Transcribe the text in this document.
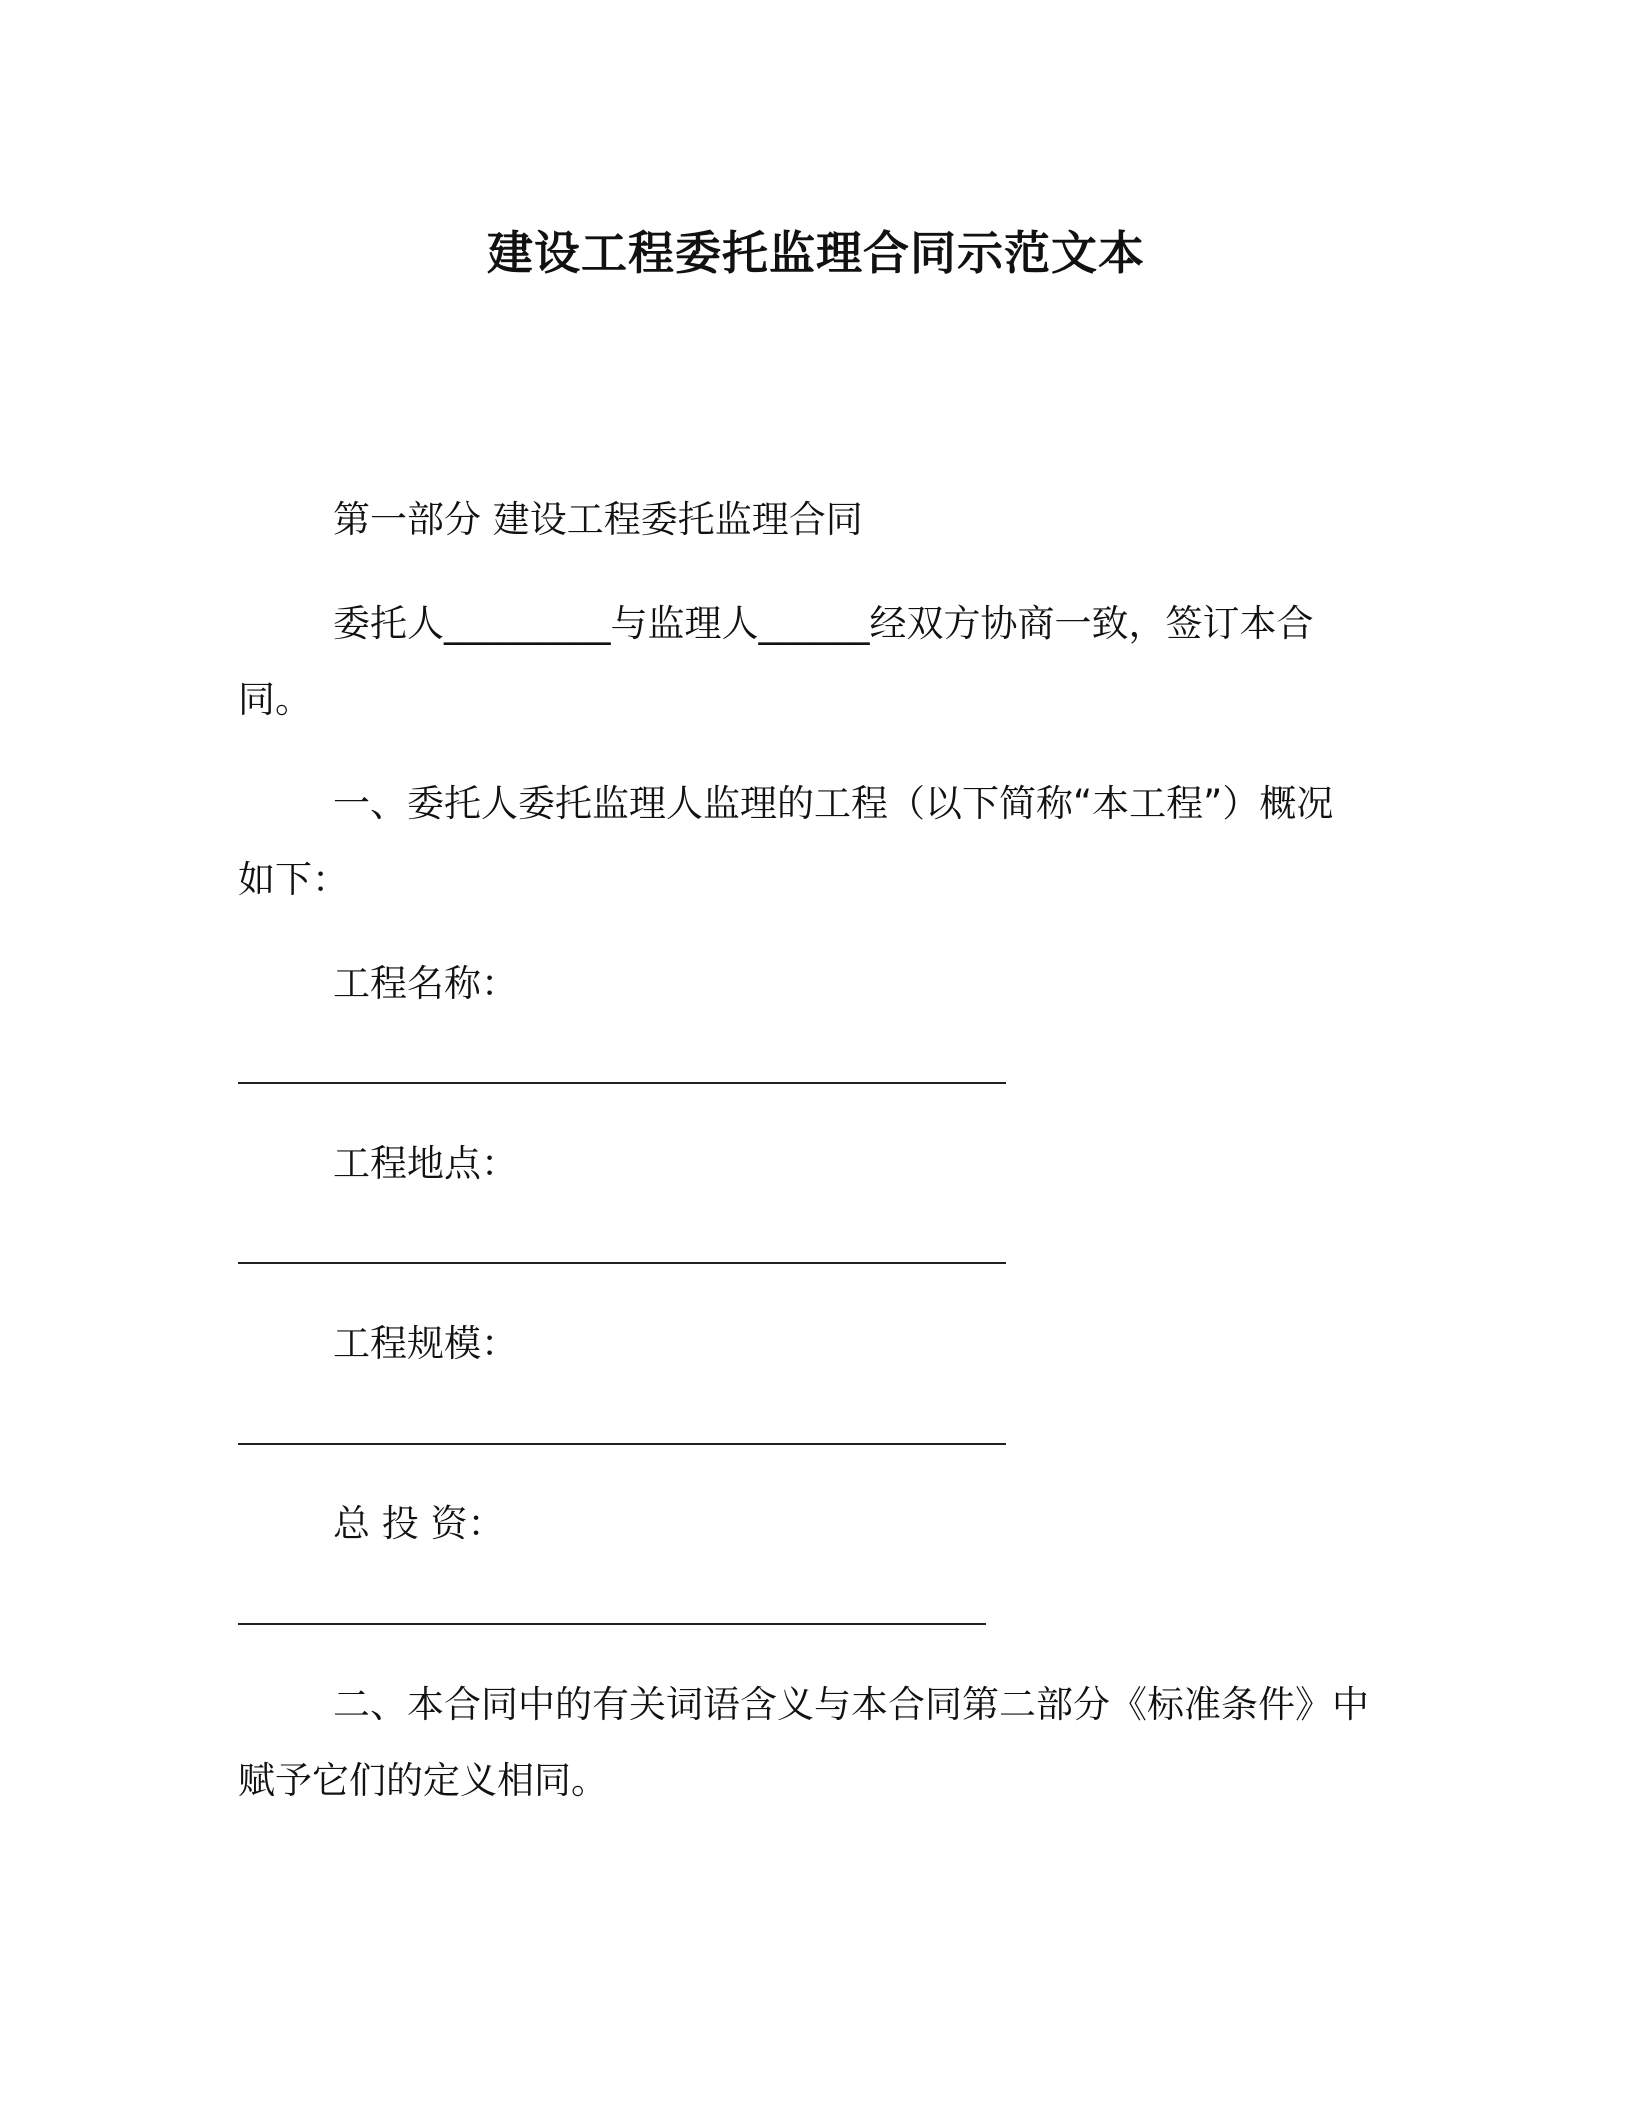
建设工程委托监理合同示范文本
第一部分 建设工程委托监理合同
委托人_________与监理人______经双方协商一致，签订本合
同。
一、委托人委托监理人监理的工程（以下简称“本工程”）概况
如下：
工程名称：
工程地点：
工程规模：
总 投 资：
二、本合同中的有关词语含义与本合同第二部分《标准条件》中
赋予它们的定义相同。
